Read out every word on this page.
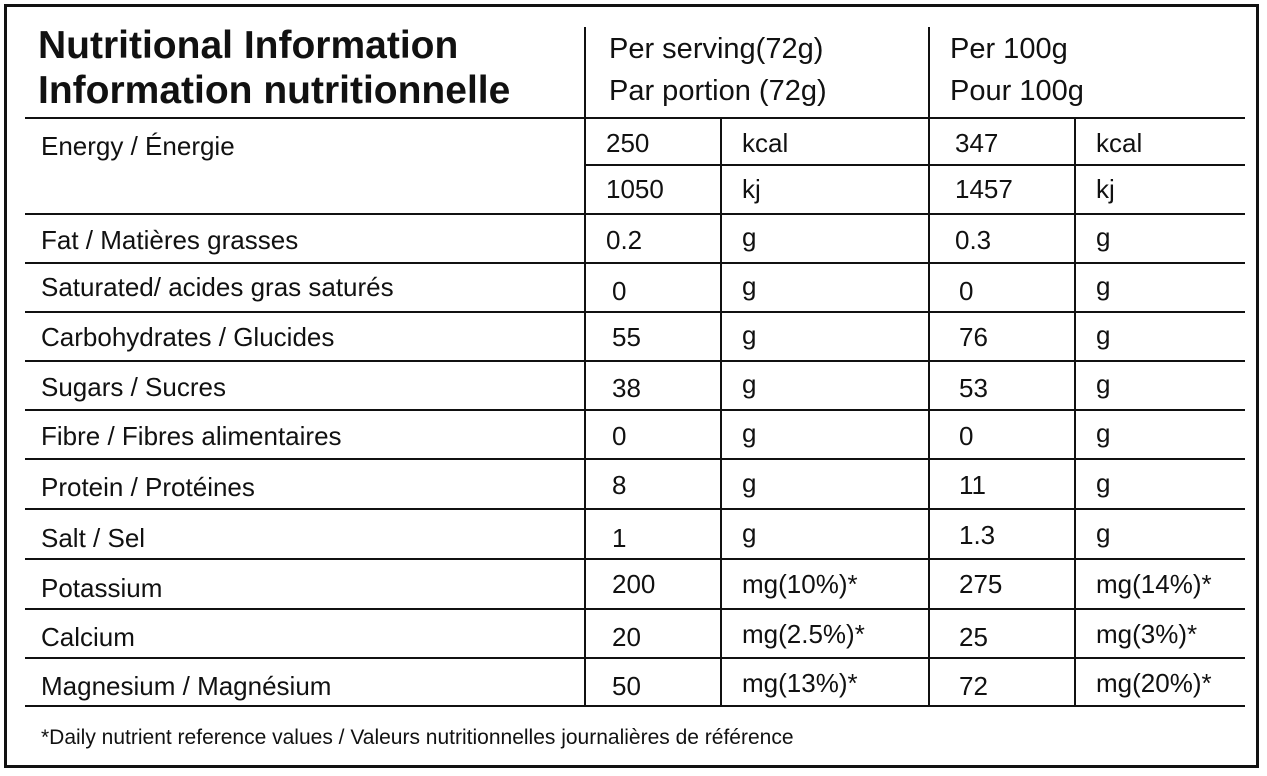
Nutritional Information
Information nutritionnelle
Per serving(72g)
Par portion (72g)
Per 100g
Pour 100g
Energy / Énergie	250	kcal	347	kcal
1050	kj	1457	kj
Fat / Matières grasses	0.2	g	0.3	g
Saturated/ acides gras saturés	0	g	0	g
Carbohydrates / Glucides	55	g	76	g
Sugars / Sucres	38	g	53	g
Fibre / Fibres alimentaires	0	g	0	g
Protein / Protéines	8	g	11	g
Salt / Sel	1	g	1.3	g
Potassium	200	mg(10%)*	275	mg(14%)*
Calcium	20	mg(2.5%)*	25	mg(3%)*
Magnesium / Magnésium	50	mg(13%)*	72	mg(20%)*
*Daily nutrient reference values / Valeurs nutritionnelles journalières de référence
